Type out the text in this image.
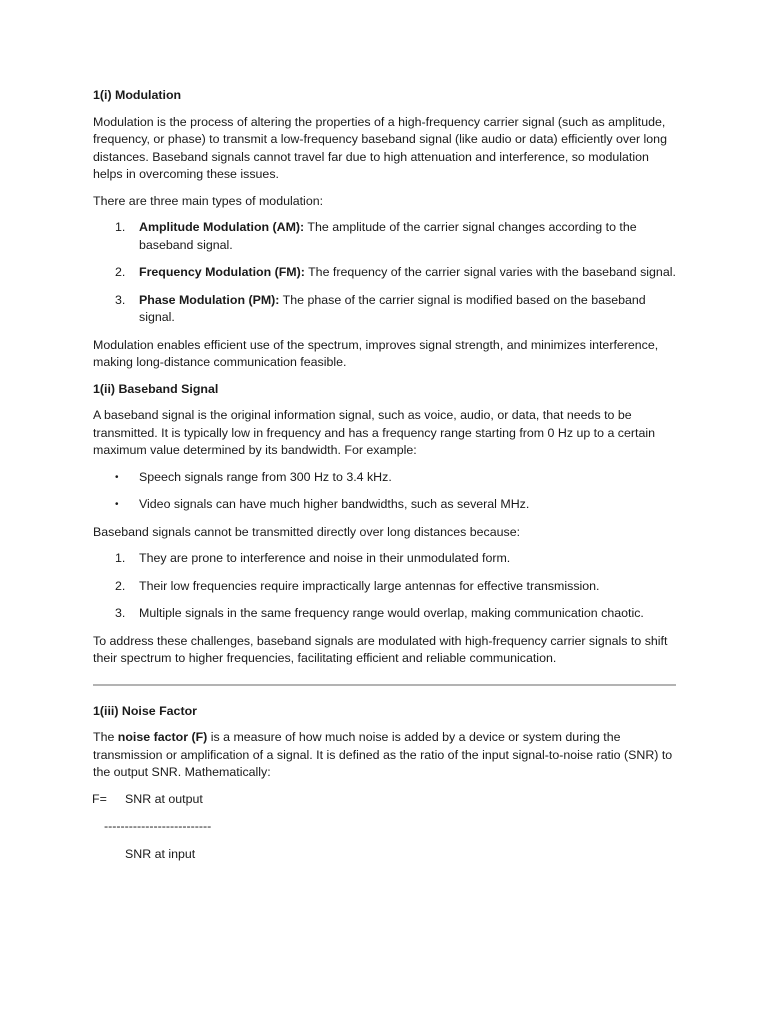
1(i) Modulation

Modulation is the process of altering the properties of a high-frequency carrier signal (such as amplitude, frequency, or phase) to transmit a low-frequency baseband signal (like audio or data) efficiently over long distances. Baseband signals cannot travel far due to high attenuation and interference, so modulation helps in overcoming these issues.

There are three main types of modulation:

1. Amplitude Modulation (AM): The amplitude of the carrier signal changes according to the baseband signal.
2. Frequency Modulation (FM): The frequency of the carrier signal varies with the baseband signal.
3. Phase Modulation (PM): The phase of the carrier signal is modified based on the baseband signal.

Modulation enables efficient use of the spectrum, improves signal strength, and minimizes interference, making long-distance communication feasible.

1(ii) Baseband Signal

A baseband signal is the original information signal, such as voice, audio, or data, that needs to be transmitted. It is typically low in frequency and has a frequency range starting from 0 Hz up to a certain maximum value determined by its bandwidth. For example:

• Speech signals range from 300 Hz to 3.4 kHz.
• Video signals can have much higher bandwidths, such as several MHz.

Baseband signals cannot be transmitted directly over long distances because:

1. They are prone to interference and noise in their unmodulated form.
2. Their low frequencies require impractically large antennas for effective transmission.
3. Multiple signals in the same frequency range would overlap, making communication chaotic.

To address these challenges, baseband signals are modulated with high-frequency carrier signals to shift their spectrum to higher frequencies, facilitating efficient and reliable communication.

1(iii) Noise Factor

The noise factor (F) is a measure of how much noise is added by a device or system during the transmission or amplification of a signal. It is defined as the ratio of the input signal-to-noise ratio (SNR) to the output SNR. Mathematically:

F= SNR at output
--------------------------
SNR at input
